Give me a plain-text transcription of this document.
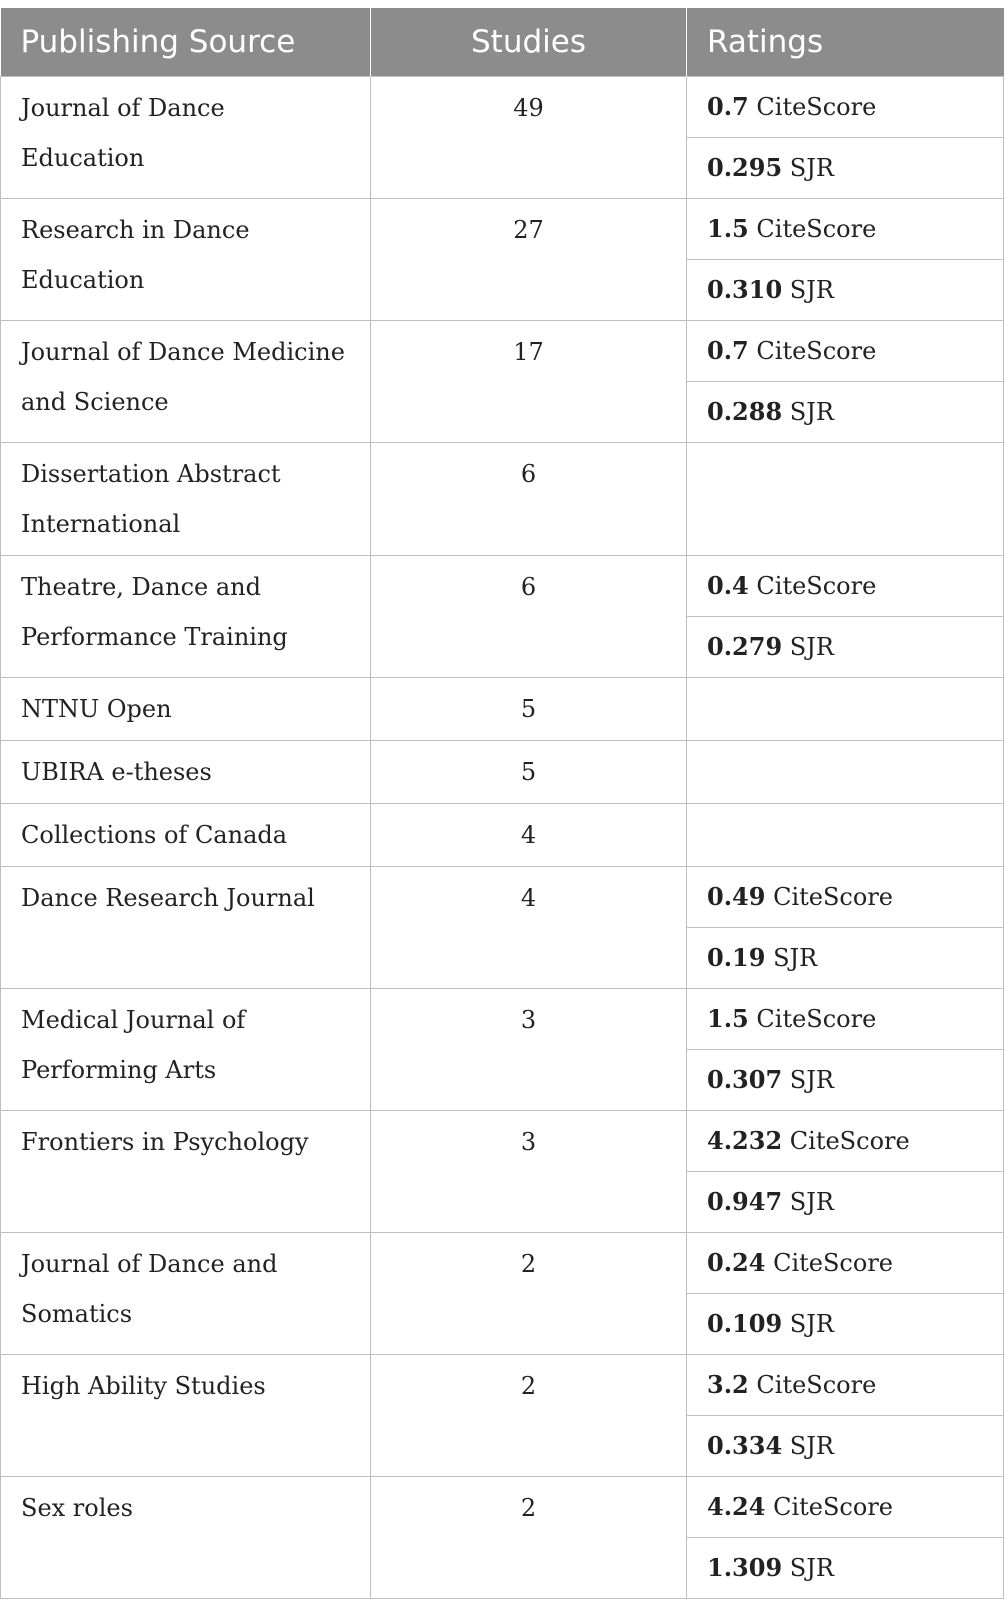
Publishing Source	Studies	Ratings
Journal of Dance Education	49	0.7 CiteScore
		0.295 SJR
Research in Dance Education	27	1.5 CiteScore
		0.310 SJR
Journal of Dance Medicine and Science	17	0.7 CiteScore
		0.288 SJR
Dissertation Abstract International	6	
Theatre, Dance and Performance Training	6	0.4 CiteScore
		0.279 SJR
NTNU Open	5	
UBIRA e-theses	5	
Collections of Canada	4	
Dance Research Journal	4	0.49 CiteScore
		0.19 SJR
Medical Journal of Performing Arts	3	1.5 CiteScore
		0.307 SJR
Frontiers in Psychology	3	4.232 CiteScore
		0.947 SJR
Journal of Dance and Somatics	2	0.24 CiteScore
		0.109 SJR
High Ability Studies	2	3.2 CiteScore
		0.334 SJR
Sex roles	2	4.24 CiteScore
		1.309 SJR
